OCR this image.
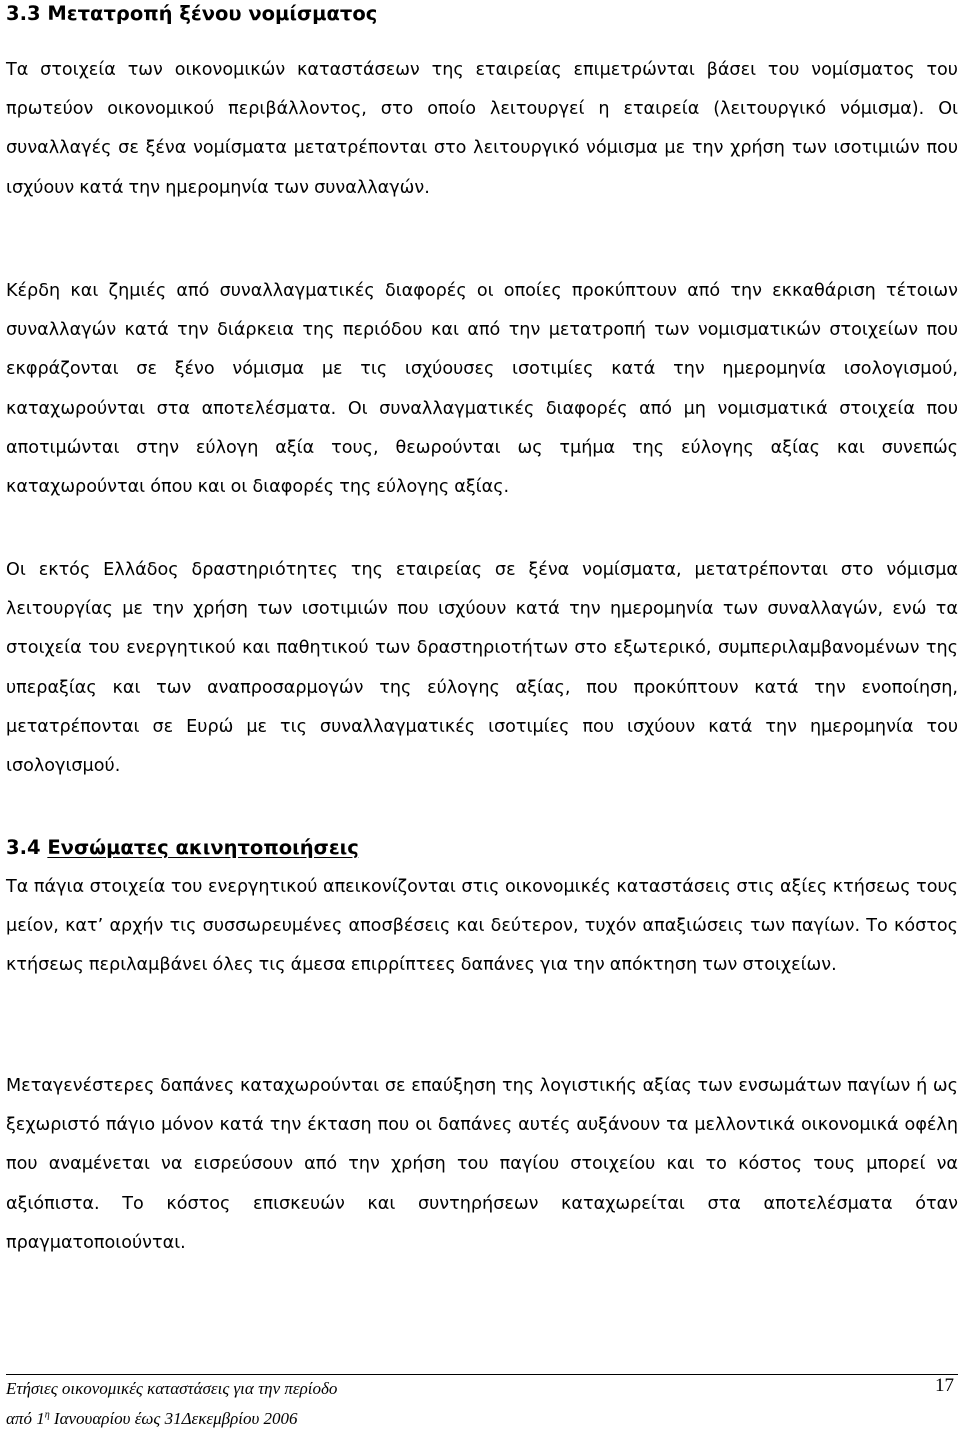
3.3 Μετατροπή ξένου νομίσματος

Τα στοιχεία των οικονομικών καταστάσεων της εταιρείας επιμετρώνται βάσει του νομίσματος του πρωτεύον οικονομικού περιβάλλοντος, στο οποίο λειτουργεί η εταιρεία (λειτουργικό νόμισμα). Οι συναλλαγές σε ξένα νομίσματα μετατρέπονται στο λειτουργικό νόμισμα με την χρήση των ισοτιμιών που ισχύουν κατά την ημερομηνία των συναλλαγών.

Κέρδη και ζημιές από συναλλαγματικές διαφορές οι οποίες προκύπτουν από την εκκαθάριση τέτοιων συναλλαγών κατά την διάρκεια της περιόδου και από την μετατροπή των νομισματικών στοιχείων που εκφράζονται σε ξένο νόμισμα με τις ισχύουσες ισοτιμίες κατά την ημερομηνία ισολογισμού, καταχωρούνται στα αποτελέσματα. Οι συναλλαγματικές διαφορές από μη νομισματικά στοιχεία που αποτιμώνται στην εύλογη αξία τους, θεωρούνται ως τμήμα της εύλογης αξίας και συνεπώς καταχωρούνται όπου και οι διαφορές της εύλογης αξίας.

Οι εκτός Ελλάδος δραστηριότητες της εταιρείας σε ξένα νομίσματα, μετατρέπονται στο νόμισμα λειτουργίας με την χρήση των ισοτιμιών που ισχύουν κατά την ημερομηνία των συναλλαγών, ενώ τα στοιχεία του ενεργητικού και παθητικού των δραστηριοτήτων στο εξωτερικό, συμπεριλαμβανομένων της υπεραξίας και των αναπροσαρμογών της εύλογης αξίας, που προκύπτουν κατά την ενοποίηση, μετατρέπονται σε Ευρώ με τις συναλλαγματικές ισοτιμίες που ισχύουν κατά την ημερομηνία του ισολογισμού.

3.4 Ενσώματες ακινητοποιήσεις

Τα πάγια στοιχεία του ενεργητικού απεικονίζονται στις οικονομικές καταστάσεις στις αξίες κτήσεως τους μείον, κατ’ αρχήν τις συσσωρευμένες αποσβέσεις και δεύτερον, τυχόν απαξιώσεις των παγίων. Το κόστος κτήσεως περιλαμβάνει όλες τις άμεσα επιρρίπτεες δαπάνες για την απόκτηση των στοιχείων.

Μεταγενέστερες δαπάνες καταχωρούνται σε επαύξηση της λογιστικής αξίας των ενσωμάτων παγίων ή ως ξεχωριστό πάγιο μόνον κατά την έκταση που οι δαπάνες αυτές αυξάνουν τα μελλοντικά οικονομικά οφέλη που αναμένεται να εισρεύσουν από την χρήση του παγίου στοιχείου και το κόστος τους μπορεί να αξιόπιστα. Το κόστος επισκευών και συντηρήσεων καταχωρείται στα αποτελέσματα όταν πραγματοποιούνται.

Ετήσιες οικονομικές καταστάσεις για την περίοδο
από $1^\eta$ Ιανουαρίου έως 31Δεκεμβρίου 2006
17
